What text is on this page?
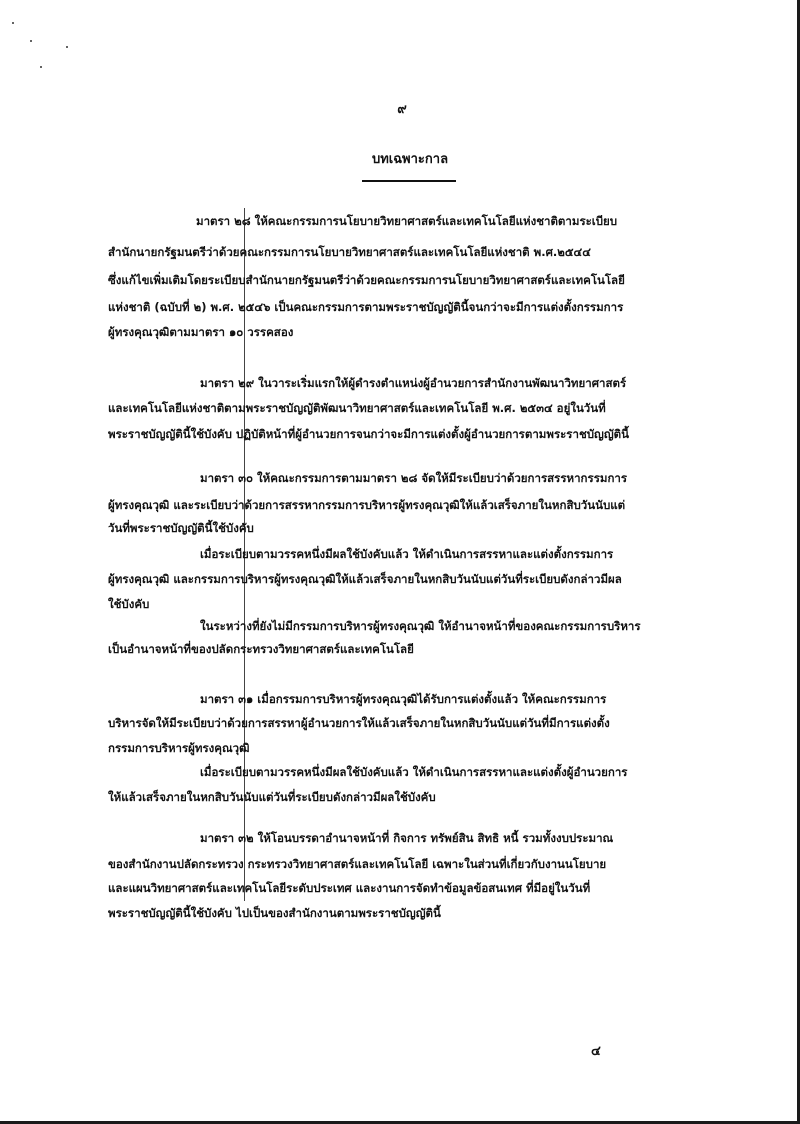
๙
บทเฉพาะกาล
มาตรา ๒๘ ให้คณะกรรมการนโยบายวิทยาศาสตร์และเทคโนโลยีแห่งชาติตามระเบียบ
สำนักนายกรัฐมนตรีว่าด้วยคณะกรรมการนโยบายวิทยาศาสตร์และเทคโนโลยีแห่งชาติ พ.ศ.๒๕๔๔
ซึ่งแก้ไขเพิ่มเติมโดยระเบียบสำนักนายกรัฐมนตรีว่าด้วยคณะกรรมการนโยบายวิทยาศาสตร์และเทคโนโลยี
แห่งชาติ (ฉบับที่ ๒) พ.ศ. ๒๕๔๖ เป็นคณะกรรมการตามพระราชบัญญัตินี้จนกว่าจะมีการแต่งตั้งกรรมการ
ผู้ทรงคุณวุฒิตามมาตรา ๑๐ วรรคสอง
มาตรา ๒๙ ในวาระเริ่มแรกให้ผู้ดำรงตำแหน่งผู้อำนวยการสำนักงานพัฒนาวิทยาศาสตร์
และเทคโนโลยีแห่งชาติตามพระราชบัญญัติพัฒนาวิทยาศาสตร์และเทคโนโลยี พ.ศ. ๒๕๓๔ อยู่ในวันที่
พระราชบัญญัตินี้ใช้บังคับ ปฏิบัติหน้าที่ผู้อำนวยการจนกว่าจะมีการแต่งตั้งผู้อำนวยการตามพระราชบัญญัตินี้
มาตรา ๓๐ ให้คณะกรรมการตามมาตรา ๒๘ จัดให้มีระเบียบว่าด้วยการสรรหากรรมการ
ผู้ทรงคุณวุฒิ และระเบียบว่าด้วยการสรรหากรรมการบริหารผู้ทรงคุณวุฒิให้แล้วเสร็จภายในหกสิบวันนับแต่
วันที่พระราชบัญญัตินี้ใช้บังคับ
เมื่อระเบียบตามวรรคหนึ่งมีผลใช้บังคับแล้ว ให้ดำเนินการสรรหาและแต่งตั้งกรรมการ
ผู้ทรงคุณวุฒิ และกรรมการบริหารผู้ทรงคุณวุฒิให้แล้วเสร็จภายในหกสิบวันนับแต่วันที่ระเบียบดังกล่าวมีผล
ใช้บังคับ
ในระหว่างที่ยังไม่มีกรรมการบริหารผู้ทรงคุณวุฒิ ให้อำนาจหน้าที่ของคณะกรรมการบริหาร
เป็นอำนาจหน้าที่ของปลัดกระทรวงวิทยาศาสตร์และเทคโนโลยี
มาตรา ๓๑ เมื่อกรรมการบริหารผู้ทรงคุณวุฒิได้รับการแต่งตั้งแล้ว ให้คณะกรรมการ
บริหารจัดให้มีระเบียบว่าด้วยการสรรหาผู้อำนวยการให้แล้วเสร็จภายในหกสิบวันนับแต่วันที่มีการแต่งตั้ง
กรรมการบริหารผู้ทรงคุณวุฒิ
เมื่อระเบียบตามวรรคหนึ่งมีผลใช้บังคับแล้ว ให้ดำเนินการสรรหาและแต่งตั้งผู้อำนวยการ
ให้แล้วเสร็จภายในหกสิบวันนับแต่วันที่ระเบียบดังกล่าวมีผลใช้บังคับ
มาตรา ๓๒ ให้โอนบรรดาอำนาจหน้าที่ กิจการ ทรัพย์สิน สิทธิ หนี้ รวมทั้งงบประมาณ
ของสำนักงานปลัดกระทรวง กระทรวงวิทยาศาสตร์และเทคโนโลยี เฉพาะในส่วนที่เกี่ยวกับงานนโยบาย
และแผนวิทยาศาสตร์และเทคโนโลยีระดับประเทศ และงานการจัดทำข้อมูลข้อสนเทศ ที่มีอยู่ในวันที่
พระราชบัญญัตินี้ใช้บังคับ ไปเป็นของสำนักงานตามพระราชบัญญัตินี้
๔
